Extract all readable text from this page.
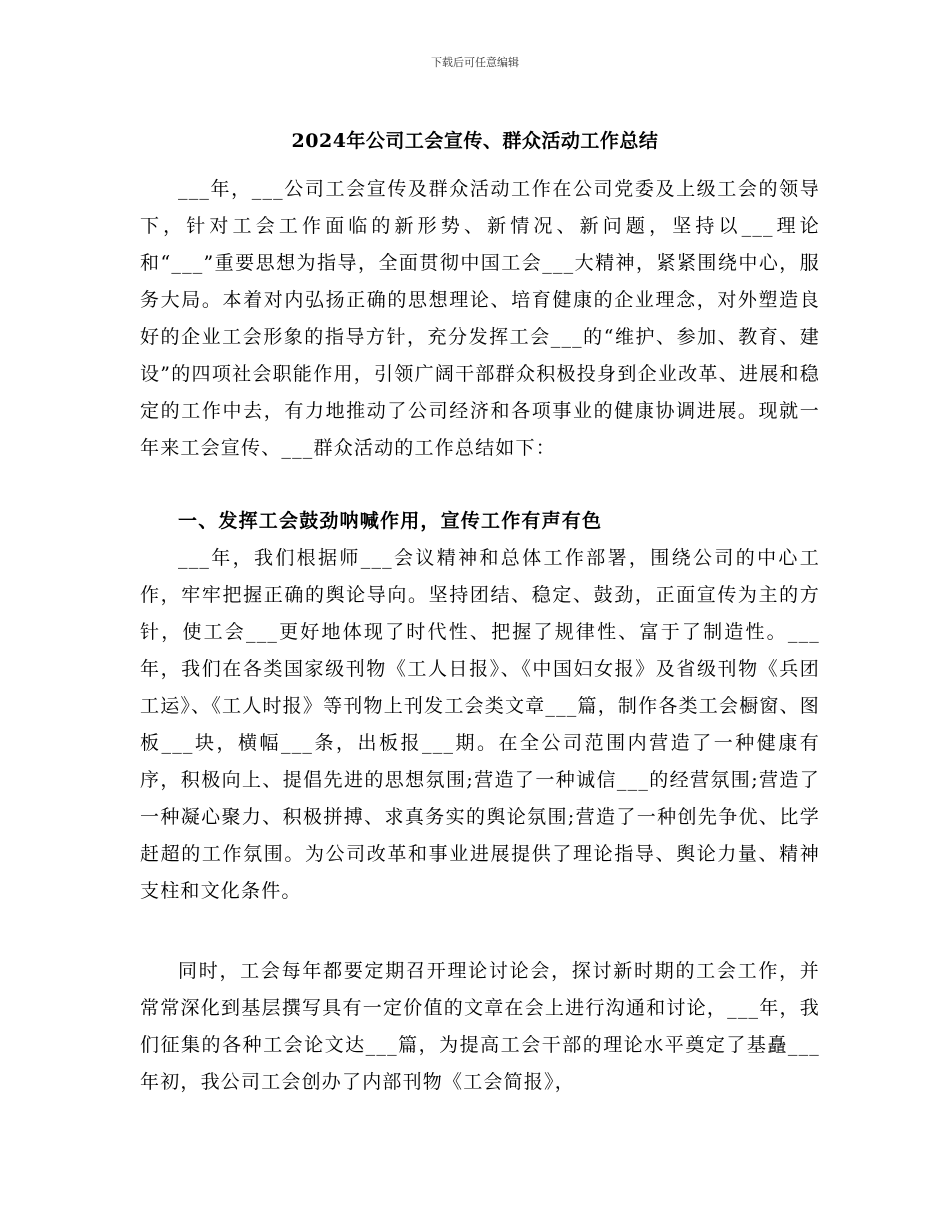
下载后可任意编辑
2024年公司工会宣传、群众活动工作总结

___年，___公司工会宣传及群众活动工作在公司党委及上级工会的领导下，针对工会工作面临的新形势、新情况、新问题，坚持以___理论和“___”重要思想为指导，全面贯彻中国工会___大精神，紧紧围绕中心，服务大局。本着对内弘扬正确的思想理论、培育健康的企业理念，对外塑造良好的企业工会形象的指导方针，充分发挥工会___的“维护、参加、教育、建设”的四项社会职能作用，引领广阔干部群众积极投身到企业改革、进展和稳定的工作中去，有力地推动了公司经济和各项事业的健康协调进展。现就一年来工会宣传、___群众活动的工作总结如下：

一、发挥工会鼓劲呐喊作用，宣传工作有声有色

___年，我们根据师___会议精神和总体工作部署，围绕公司的中心工作，牢牢把握正确的舆论导向。坚持团结、稳定、鼓劲，正面宣传为主的方针，使工会___更好地体现了时代性、把握了规律性、富于了制造性。___年，我们在各类国家级刊物《工人日报》、《中国妇女报》及省级刊物《兵团工运》、《工人时报》等刊物上刊发工会类文章___篇，制作各类工会橱窗、图板___块，横幅___条，出板报___期。在全公司范围内营造了一种健康有序，积极向上、提倡先进的思想氛围;营造了一种诚信___的经营氛围;营造了一种凝心聚力、积极拼搏、求真务实的舆论氛围;营造了一种创先争优、比学赶超的工作氛围。为公司改革和事业进展提供了理论指导、舆论力量、精神支柱和文化条件。

同时，工会每年都要定期召开理论讨论会，探讨新时期的工会工作，并常常深化到基层撰写具有一定价值的文章在会上进行沟通和讨论，___年，我们征集的各种工会论文达___篇，为提高工会干部的理论水平奠定了基矗___年初，我公司工会创办了内部刊物《工会简报》，
